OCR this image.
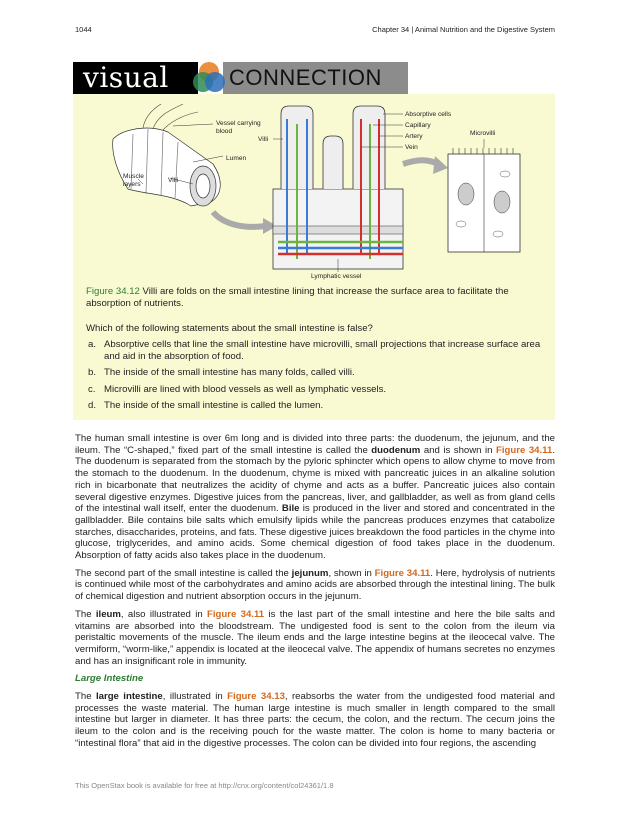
1044	Chapter 34 | Animal Nutrition and the Digestive System
visual	CONNECTION
Vessel carrying
blood
Lumen
Muscle
layers
Villi
Villi
Absorptive cells
Capillary
Artery
Vein
Lymphatic vessel
Microvilli
Figure 34.12 Villi are folds on the small intestine lining that increase the surface area to facilitate the absorption of nutrients.
Which of the following statements about the small intestine is false?
a. Absorptive cells that line the small intestine have microvilli, small projections that increase surface area and aid in the absorption of food.
b. The inside of the small intestine has many folds, called villi.
c. Microvilli are lined with blood vessels as well as lymphatic vessels.
d. The inside of the small intestine is called the lumen.

The human small intestine is over 6m long and is divided into three parts: the duodenum, the jejunum, and the ileum. The “C-shaped,” fixed part of the small intestine is called the duodenum and is shown in Figure 34.11. The duodenum is separated from the stomach by the pyloric sphincter which opens to allow chyme to move from the stomach to the duodenum. In the duodenum, chyme is mixed with pancreatic juices in an alkaline solution rich in bicarbonate that neutralizes the acidity of chyme and acts as a buffer. Pancreatic juices also contain several digestive enzymes. Digestive juices from the pancreas, liver, and gallbladder, as well as from gland cells of the intestinal wall itself, enter the duodenum. Bile is produced in the liver and stored and concentrated in the gallbladder. Bile contains bile salts which emulsify lipids while the pancreas produces enzymes that catabolize starches, disaccharides, proteins, and fats. These digestive juices breakdown the food particles in the chyme into glucose, triglycerides, and amino acids. Some chemical digestion of food takes place in the duodenum. Absorption of fatty acids also takes place in the duodenum.

The second part of the small intestine is called the jejunum, shown in Figure 34.11. Here, hydrolysis of nutrients is continued while most of the carbohydrates and amino acids are absorbed through the intestinal lining. The bulk of chemical digestion and nutrient absorption occurs in the jejunum.

The ileum, also illustrated in Figure 34.11 is the last part of the small intestine and here the bile salts and vitamins are absorbed into the bloodstream. The undigested food is sent to the colon from the ileum via peristaltic movements of the muscle. The ileum ends and the large intestine begins at the ileocecal valve. The vermiform, “worm-like,” appendix is located at the ileocecal valve. The appendix of humans secretes no enzymes and has an insignificant role in immunity.

Large Intestine

The large intestine, illustrated in Figure 34.13, reabsorbs the water from the undigested food material and processes the waste material. The human large intestine is much smaller in length compared to the small intestine but larger in diameter. It has three parts: the cecum, the colon, and the rectum. The cecum joins the ileum to the colon and is the receiving pouch for the waste matter. The colon is home to many bacteria or “intestinal flora” that aid in the digestive processes. The colon can be divided into four regions, the ascending

This OpenStax book is available for free at http://cnx.org/content/col24361/1.8
